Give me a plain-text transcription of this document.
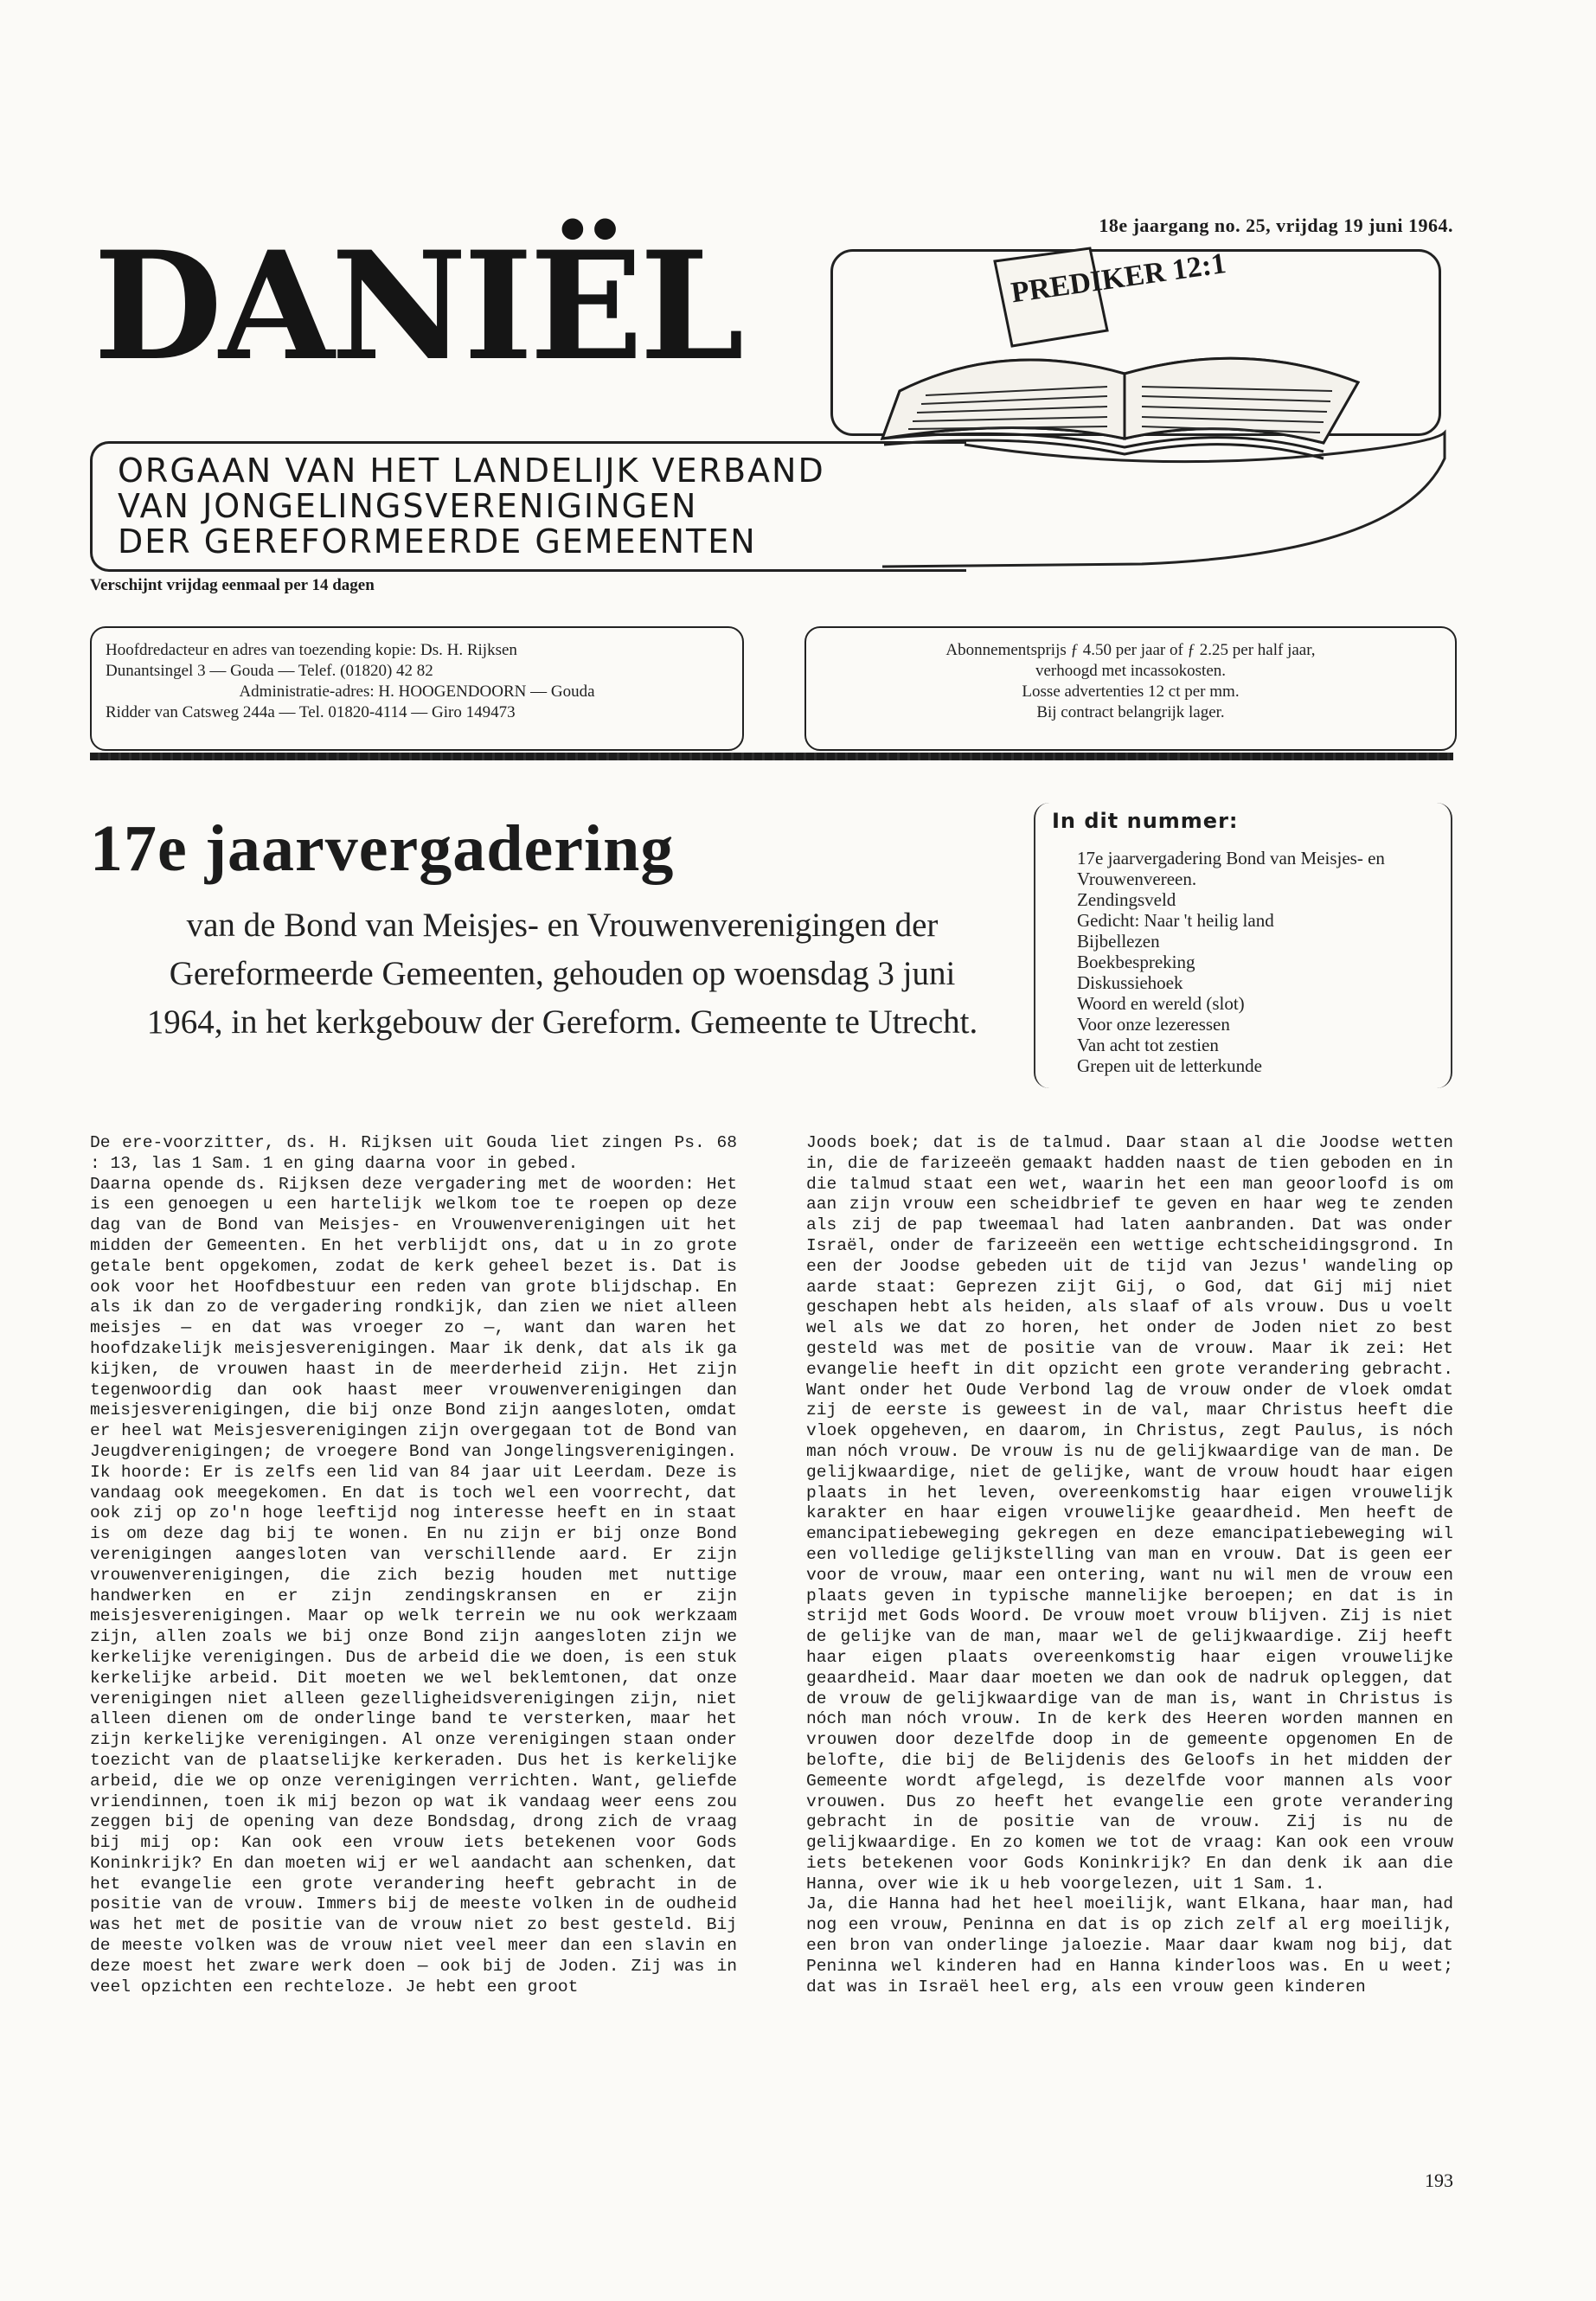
18e jaargang no. 25, vrijdag 19 juni 1964.
DANIËL	PREDIKER 12:1
ORGAAN VAN HET LANDELIJK VERBAND
VAN JONGELINGSVERENIGINGEN
DER GEREFORMEERDE GEMEENTEN
Verschijnt vrijdag eenmaal per 14 dagen
Hoofdredacteur en adres van toezending kopie: Ds. H. Rijksen
Dunantsingel 3 — Gouda — Telef. (01820) 42 82
Administratie-adres: H. HOOGENDOORN — Gouda
Ridder van Catsweg 244a — Tel. 01820-4114 — Giro 149473
Abonnementsprijs ƒ 4.50 per jaar of ƒ 2.25 per half jaar,
verhoogd met incassokosten.
Losse advertenties 12 ct per mm.
Bij contract belangrijk lager.
17e jaarvergadering
van de Bond van Meisjes- en Vrouwenverenigingen der Gereformeerde Gemeenten, gehouden op woensdag 3 juni 1964, in het kerkgebouw der Gereform. Gemeente te Utrecht.
In dit nummer:
17e jaarvergadering Bond van Meisjes- en Vrouwenvereen.
Zendingsveld
Gedicht: Naar 't heilig land
Bijbellezen
Boekbespreking
Diskussiehoek
Woord en wereld (slot)
Voor onze lezeressen
Van acht tot zestien
Grepen uit de letterkunde

De ere-voorzitter, ds. H. Rijksen uit Gouda liet zingen Ps. 68 : 13, las 1 Sam. 1 en ging daarna voor in gebed.

Daarna opende ds. Rijksen deze vergadering met de woorden: Het is een genoegen u een hartelijk welkom toe te roepen op deze dag van de Bond van Meisjes- en Vrouwenverenigingen uit het midden der Gemeenten. En het verblijdt ons, dat u in zo grote getale bent opgekomen, zodat de kerk geheel bezet is. Dat is ook voor het Hoofdbestuur een reden van grote blijdschap. En als ik dan zo de vergadering rondkijk, dan zien we niet alleen meisjes — en dat was vroeger zo —, want dan waren het hoofdzakelijk meisjesverenigingen. Maar ik denk, dat als ik ga kijken, de vrouwen haast in de meerderheid zijn. Het zijn tegenwoordig dan ook haast meer vrouwenverenigingen dan meisjesverenigingen, die bij onze Bond zijn aangesloten, omdat er heel wat Meisjesverenigingen zijn overgegaan tot de Bond van Jeugdverenigingen; de vroegere Bond van Jongelingsverenigingen. Ik hoorde: Er is zelfs een lid van 84 jaar uit Leerdam. Deze is vandaag ook meegekomen. En dat is toch wel een voorrecht, dat ook zij op zo'n hoge leeftijd nog interesse heeft en in staat is om deze dag bij te wonen. En nu zijn er bij onze Bond verenigingen aangesloten van verschillende aard. Er zijn vrouwenverenigingen, die zich bezig houden met nuttige handwerken en er zijn zendingskransen en er zijn meisjesverenigingen. Maar op welk terrein we nu ook werkzaam zijn, allen zoals we bij onze Bond zijn aangesloten zijn we kerkelijke verenigingen. Dus de arbeid die we doen, is een stuk kerkelijke arbeid. Dit moeten we wel beklemtonen, dat onze verenigingen niet alleen gezelligheidsverenigingen zijn, niet alleen dienen om de onderlinge band te versterken, maar het zijn kerkelijke verenigingen. Al onze verenigingen staan onder toezicht van de plaatselijke kerkeraden. Dus het is kerkelijke arbeid, die we op onze verenigingen verrichten. Want, geliefde vriendinnen, toen ik mij bezon op wat ik vandaag weer eens zou zeggen bij de opening van deze Bondsdag, drong zich de vraag bij mij op: Kan ook een vrouw iets betekenen voor Gods Koninkrijk? En dan moeten wij er wel aandacht aan schenken, dat het evangelie een grote verandering heeft gebracht in de positie van de vrouw. Immers bij de meeste volken in de oudheid was het met de positie van de vrouw niet zo best gesteld. Bij de meeste volken was de vrouw niet veel meer dan een slavin en deze moest het zware werk doen — ook bij de Joden. Zij was in veel opzichten een rechteloze. Je hebt een groot

Joods boek; dat is de talmud. Daar staan al die Joodse wetten in, die de farizeeën gemaakt hadden naast de tien geboden en in die talmud staat een wet, waarin het een man geoorloofd is om aan zijn vrouw een scheidbrief te geven en haar weg te zenden als zij de pap tweemaal had laten aanbranden. Dat was onder Israël, onder de farizeeën een wettige echtscheidingsgrond. In een der Joodse gebeden uit de tijd van Jezus' wandeling op aarde staat: Geprezen zijt Gij, o God, dat Gij mij niet geschapen hebt als heiden, als slaaf of als vrouw. Dus u voelt wel als we dat zo horen, het onder de Joden niet zo best gesteld was met de positie van de vrouw. Maar ik zei: Het evangelie heeft in dit opzicht een grote verandering gebracht. Want onder het Oude Verbond lag de vrouw onder de vloek omdat zij de eerste is geweest in de val, maar Christus heeft die vloek opgeheven, en daarom, in Christus, zegt Paulus, is nóch man nóch vrouw. De vrouw is nu de gelijkwaardige van de man. De gelijkwaardige, niet de gelijke, want de vrouw houdt haar eigen plaats in het leven, overeenkomstig haar eigen vrouwelijk karakter en haar eigen vrouwelijke geaardheid. Men heeft de emancipatiebeweging gekregen en deze emancipatiebeweging wil een volledige gelijkstelling van man en vrouw. Dat is geen eer voor de vrouw, maar een ontering, want nu wil men de vrouw een plaats geven in typische mannelijke beroepen; en dat is in strijd met Gods Woord. De vrouw moet vrouw blijven. Zij is niet de gelijke van de man, maar wel de gelijkwaardige. Zij heeft haar eigen plaats overeenkomstig haar eigen vrouwelijke geaardheid. Maar daar moeten we dan ook de nadruk opleggen, dat de vrouw de gelijkwaardige van de man is, want in Christus is nóch man nóch vrouw. In de kerk des Heeren worden mannen en vrouwen door dezelfde doop in de gemeente opgenomen En de belofte, die bij de Belijdenis des Geloofs in het midden der Gemeente wordt afgelegd, is dezelfde voor mannen als voor vrouwen. Dus zo heeft het evangelie een grote verandering gebracht in de positie van de vrouw. Zij is nu de gelijkwaardige. En zo komen we tot de vraag: Kan ook een vrouw iets betekenen voor Gods Koninkrijk? En dan denk ik aan die Hanna, over wie ik u heb voorgelezen, uit 1 Sam. 1.

Ja, die Hanna had het heel moeilijk, want Elkana, haar man, had nog een vrouw, Peninna en dat is op zich zelf al erg moeilijk, een bron van onderlinge jaloezie. Maar daar kwam nog bij, dat Peninna wel kinderen had en Hanna kinderloos was. En u weet; dat was in Israël heel erg, als een vrouw geen kinderen

193
